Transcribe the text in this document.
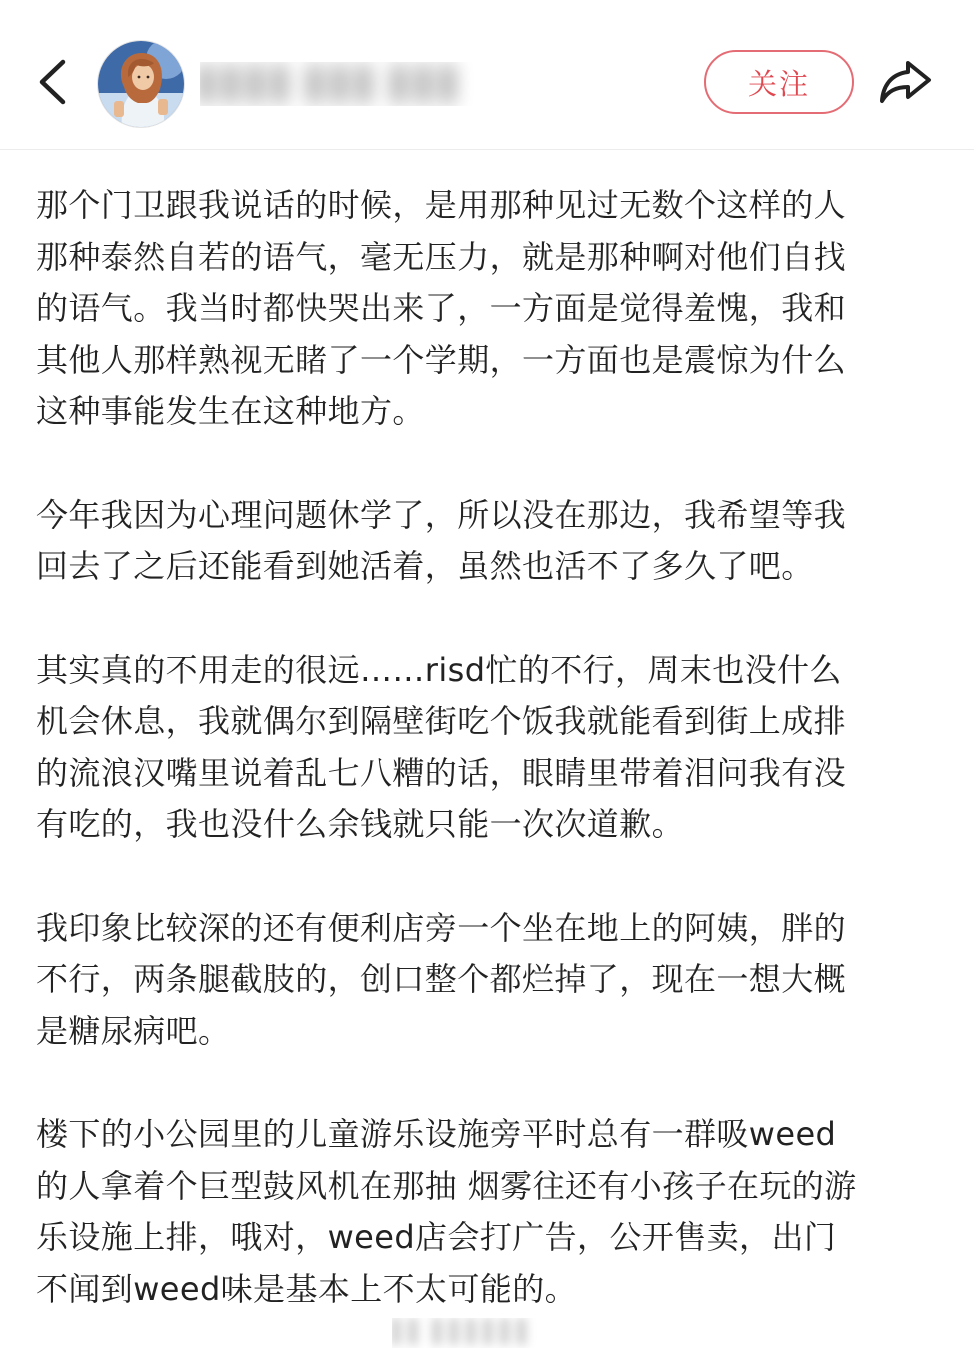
▌▌▌▌ ▌▌▌ ▌▌▌	关注

那个门卫跟我说话的时候，是用那种见过无数个这样的人
那种泰然自若的语气，毫无压力，就是那种啊对他们自找
的语气。我当时都快哭出来了，一方面是觉得羞愧，我和
其他人那样熟视无睹了一个学期，一方面也是震惊为什么
这种事能发生在这种地方。

今年我因为心理问题休学了，所以没在那边，我希望等我
回去了之后还能看到她活着，虽然也活不了多久了吧。

其实真的不用走的很远……risd忙的不行，周末也没什么
机会休息，我就偶尔到隔壁街吃个饭我就能看到街上成排
的流浪汉嘴里说着乱七八糟的话，眼睛里带着泪问我有没
有吃的，我也没什么余钱就只能一次次道歉。

我印象比较深的还有便利店旁一个坐在地上的阿姨，胖的
不行，两条腿截肢的，创口整个都烂掉了，现在一想大概
是糖尿病吧。

楼下的小公园里的儿童游乐设施旁平时总有一群吸weed
的人拿着个巨型鼓风机在那抽 烟雾往还有小孩子在玩的游
乐设施上排，哦对，weed店会打广告，公开售卖，出门
不闻到weed味是基本上不太可能的。

▌▌ ▌▌▌▌▌▌
